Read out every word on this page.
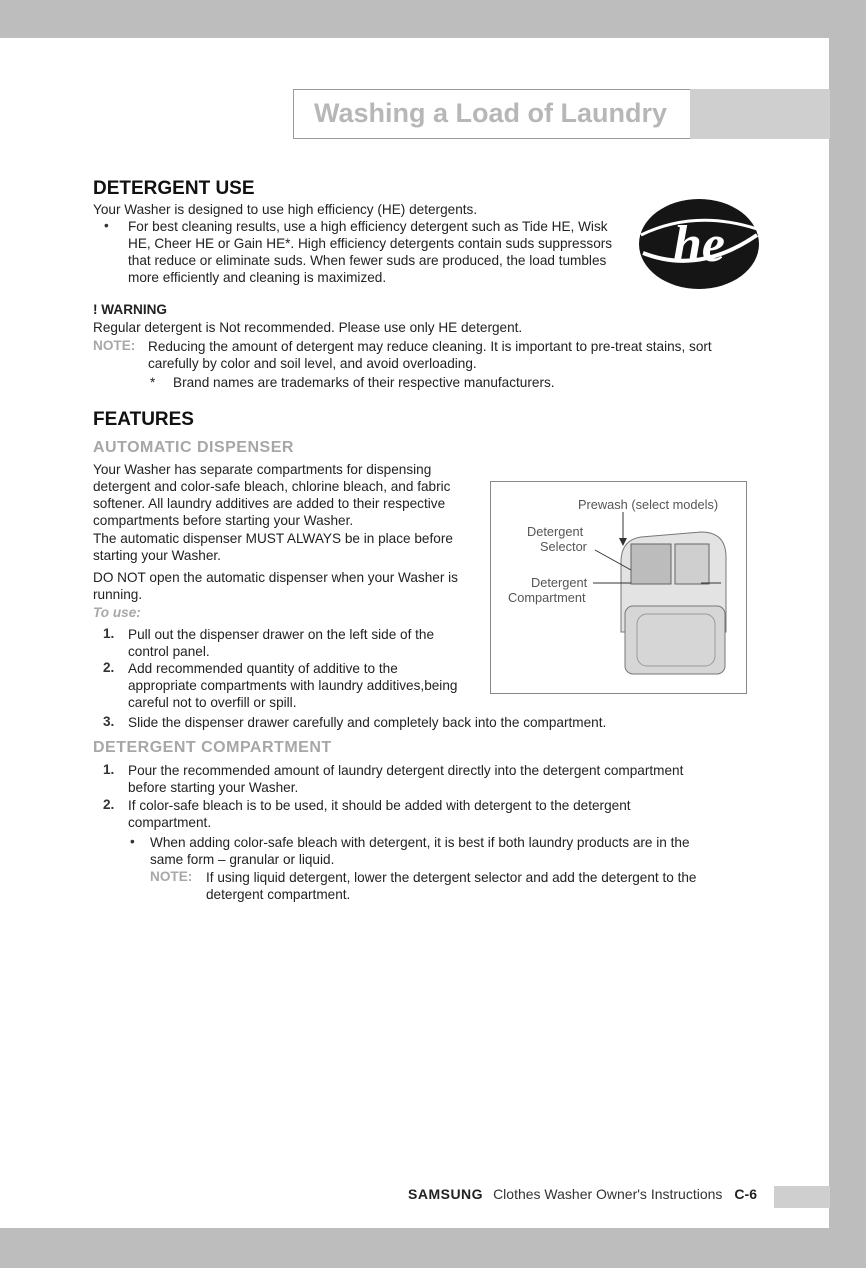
Washing a Load of Laundry
DETERGENT USE

Your Washer is designed to use high efficiency (HE) detergents.

• For best cleaning results, use a high efficiency detergent such as Tide HE, Wisk

HE, Cheer HE or Gain HE*. High efficiency detergents contain suds suppressors

that reduce or eliminate suds. When fewer suds are produced, the load tumbles

more efficiently and cleaning is maximized.

he
! WARNING

Regular detergent is Not recommended. Please use only HE detergent.

NOTE: Reducing the amount of detergent may reduce cleaning. It is important to pre-treat stains, sort

carefully by color and soil level, and avoid overloading.

* Brand names are trademarks of their respective manufacturers.

FEATURES
AUTOMATIC DISPENSER

Your Washer has separate compartments for dispensing

detergent and color-safe bleach, chlorine bleach, and fabric

softener. All laundry additives are added to their respective

compartments before starting your Washer.

The automatic dispenser MUST ALWAYS be in place before

starting your Washer.

DO NOT open the automatic dispenser when your Washer is

running.

To use:

1. Pull out the dispenser drawer on the left side of the

control panel.

2. Add recommended quantity of additive to the

appropriate compartments with laundry additives,being

careful not to overfill or spill.

3. Slide the dispenser drawer carefully and completely back into the compartment.

Prewash (select models)
Detergent
Selector
Detergent
Compartment
DETERGENT COMPARTMENT
1. Pour the recommended amount of laundry detergent directly into the detergent compartment

before starting your Washer.

2. If color-safe bleach is to be used, it should be added with detergent to the detergent

compartment.

• When adding color-safe bleach with detergent, it is best if both laundry products are in the

same form – granular or liquid.

NOTE: If using liquid detergent, lower the detergent selector and add the detergent to the

detergent compartment.

SAMSUNG Clothes Washer Owner's Instructions C-6
